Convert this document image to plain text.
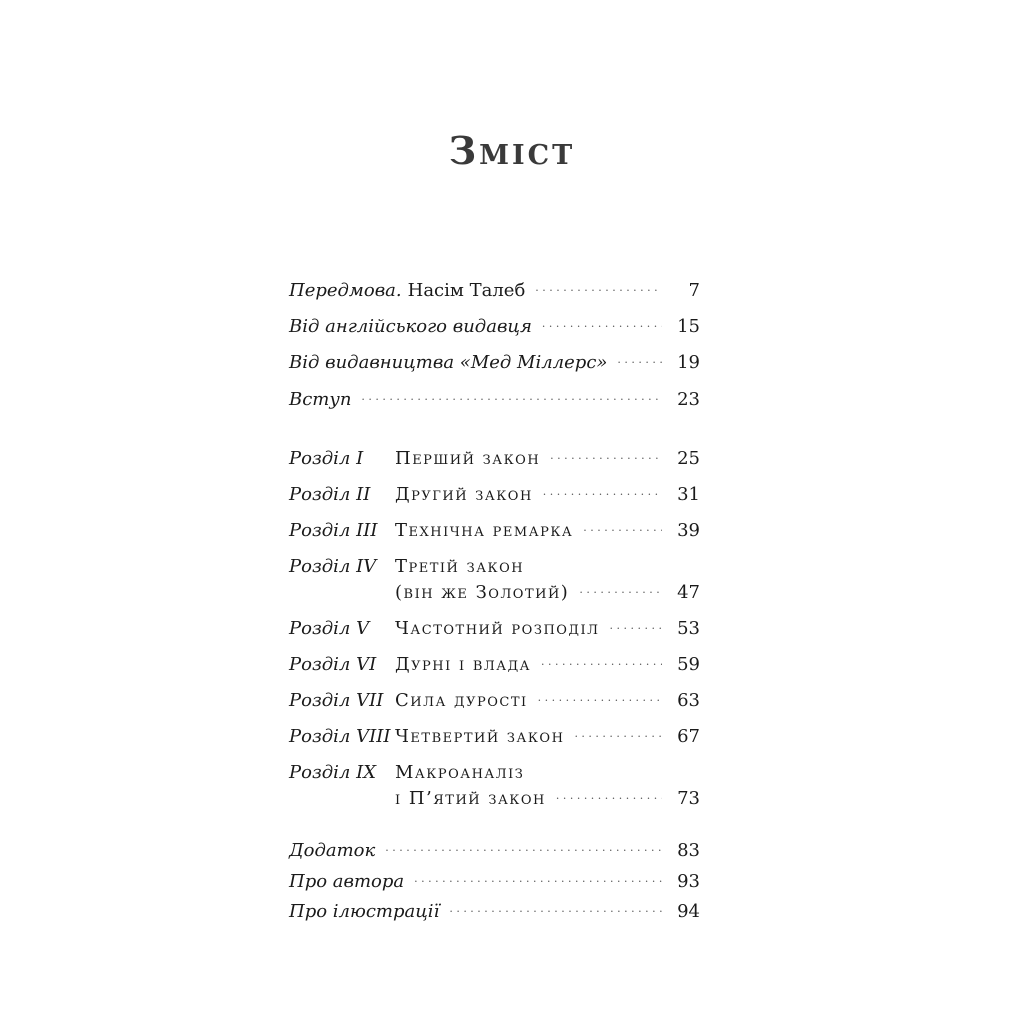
Зміст
Передмова. Насім Талеб · · ·	7
Від англійського видавця · · ·	15
Від видавництва «Мед Міллерс» · · ·	19
Вступ · · ·	23
Розділ I	Перший закон · · ·	25
Розділ II	Другий закон · · ·	31
Розділ III Технічна ремарка · · ·	39
Розділ IV	Третій закон
(він же Золотий) · · ·	47
Розділ V	Частотний розподіл · · ·	53
Розділ VI	Дурні і влада · · ·	59
Розділ VII Сила дурості · · ·	63
Розділ VIII Четвертий закон · · ·	67
Розділ IX	Макроаналіз
і П’ятий закон · · ·	73
Додаток · · ·	83
Про автора · · ·	93
Про ілюстрації · · ·	94
